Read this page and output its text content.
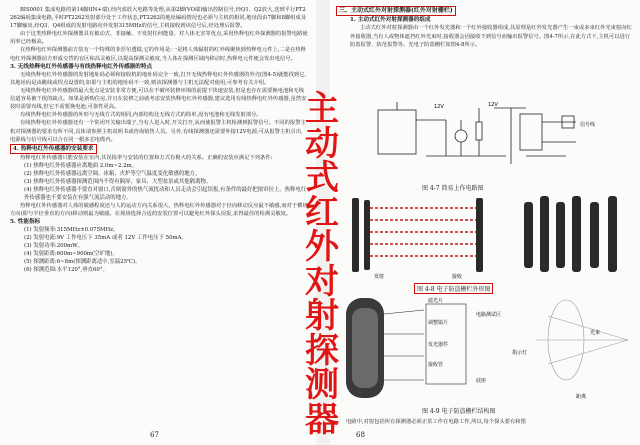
BIS0001 集成电路的第14脚(IN+端),经内部放大电路等处理,从第2脚(VO端)输出控制信号,经Q1、Q2放大,送到平行PT2262编码集成电路,平时PT2262发射部分处于工作状态,PT2262的地址编码情况也必须与主机的相同,地址段由7脚和8脚组成及17脚输出,经Q3、Q4组成的发射电路向外发射315MHz的信号,主机接收到该信号后,经处理后报警。

由于这类热释电红外探测器具有被动式、非接触、不发射任何能量、对人体无害等优点,采用热释电红外探测器的报警电路使用率已经极高。

在热释电红外探测器前方装有一个特殊的菲涅尔透镜,它的作用是:一是将人体辐射的红外线聚焦到热释电元件上,二是在热释电红外探测器前方形成交替的盲区和高灵敏区,以提高探测灵敏度,当人体在探测区域内移动时,热释电元件便会发出电信号。

3. 无线热释电红外传感器与有线热释电红外传感器的特点

无线热释电红外传感器的发射地址码必须和接收机的地址码完全一致,打开无线热释电红外传感器的外壳(图4-5)就能找到它,其地址码是由跳线或焊点设置的,如果与主机的地址码不一致,则该探测器与主机无法配对使用,可参考有关介绍。

无线热释电红外传感器的最大优点是安装非常方便,可以在不破坏装修环境的前提下快速安装,但是也存在需要换电池和无线信道容易被干扰的缺点。如果是新购住房,并且在装修之前就考虑安装热释电红外传感器,建议选用有线热释电红外传感器,虽然安装时需要布线,但它不需要换电池,可靠性更高。

有线热释电红外传感器的外形与无线方式的相同,内部结构比无线方式的简单,没有电池和无线发射部分。

有线热释电红外传感器还有一个常闭开关输出端子,当有人进入时,开关打开,从而使报警主机检测到报警信号。不同的报警主机对探测器的要求有所不同,具体请参照主机说明书或咨询销售人员。另外,有线探测器还需要外接12V电源,可从报警主机引出,电源线与信号线可以合在同一根多芯电缆内。

4. 热释电红外传感器的安装要求

热释电红外传感器只能安装在室内,其误报率与安装的位置和方式有极大的关系。正确的安装应满足下列条件:

(1) 热释电红外传感器应离地面 2.0m~2.2m。

(2) 热释电红外传感器远离空调、冰箱、火炉等空气温度变化敏感的地方。

(3) 热释电红外传感器探测范围内不得有隔屏、家具、大型盆景或其他隔离物。

(4) 热释电红外传感器不要直对窗口,否则窗外的热气流扰动和人员走动会引起误报,有条件的最好把窗帘拉上。热释电红外传感器也不要安装在有强气流活动的地方。

热释电红外传感器对人体的敏感程度还与人的运动方向关系很大。热释电红外传感器对于径向移动反应最不敏感,而对于横切方向(即与半径垂直的方向)移动则最为敏感。在现场选择合适的安装位置可以避免红外探头误报,求得最佳的检测灵敏度。

5. 性能指标

(1) 发射频率:315MHz±0.075MHz。

(2) 发射电流:9V 工作电压下 35mA 或者 12V 工作电压下 50mA。

(3) 发射功率:200mW。

(4) 发射距离:600m~900m(空旷地)。

(5) 探测距离:6~8m(探测距离适中,室温25℃)。

(6) 探测范围:水平120°,垂直60°。

67

三、主动式红外对射探测器(红外对射栅栏)

1. 主动式红外对射探测器的组成

主动式红外对射探测器由一个红外发光器和一个红外接收器组成,其原理是红外发光器产生一束或多束红外光束射向红外接收器,当有人或物体遮挡红外光束时,接收器会因接收不到信号而输出报警信号。图4-7所示,在此方式下,主机可以进行防盗报警、防范报警等。光电子防盗栅栏如图4-8所示。

12V	12V
信号线
图 4-7 简易上作电路图
发射	接收
图 4-8 电子防盗栅栏外形图
滤光片
调整镜片
发光器件
接收管
电路测试区
底座
指示灯
光束
距离
图 4-9 电子防盗栅栏结构图

电路中,对射包括所有探测器必须正常工作在电路工作,所以,每个探头要有和图

68
主
动
式
红
外
对
射
探
测
器
